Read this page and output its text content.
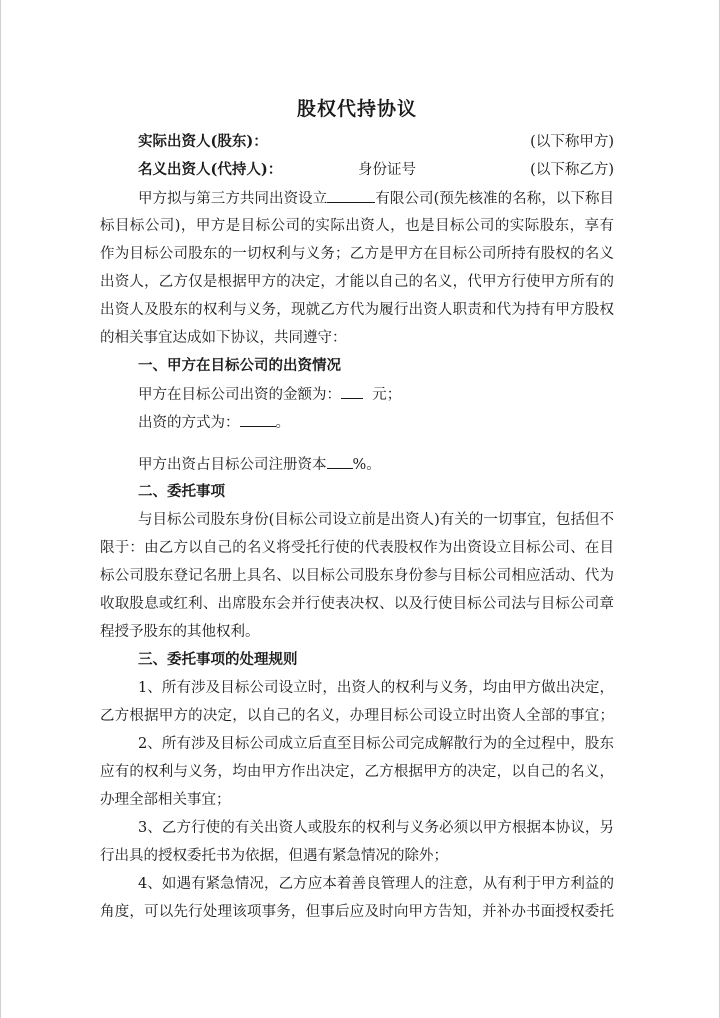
股权代持协议
实际出资人(股东)：	(以下称甲方)
名义出资人(代持人)：	身份证号	(以下称乙方)
甲方拟与第三方共同出资设立	有限公司(预先核准的名称，以下称目
标目标公司)，甲方是目标公司的实际出资人，也是目标公司的实际股东，享有
作为目标公司股东的一切权利与义务；乙方是甲方在目标公司所持有股权的名义
出资人，乙方仅是根据甲方的决定，才能以自己的名义，代甲方行使甲方所有的
出资人及股东的权利与义务，现就乙方代为履行出资人职责和代为持有甲方股权
的相关事宜达成如下协议，共同遵守：
一、甲方在目标公司的出资情况
甲方在目标公司出资的金额为： 元；
出资的方式为： 。
甲方出资占目标公司注册资本 %。
二、委托事项
与目标公司股东身份(目标公司设立前是出资人)有关的一切事宜，包括但不
限于：由乙方以自己的名义将受托行使的代表股权作为出资设立目标公司、在目
标公司股东登记名册上具名、以目标公司股东身份参与目标公司相应活动、代为
收取股息或红利、出席股东会并行使表决权、以及行使目标公司法与目标公司章
程授予股东的其他权利。
三、委托事项的处理规则
1、所有涉及目标公司设立时，出资人的权利与义务，均由甲方做出决定，
乙方根据甲方的决定，以自己的名义，办理目标公司设立时出资人全部的事宜；
2、所有涉及目标公司成立后直至目标公司完成解散行为的全过程中，股东
应有的权利与义务，均由甲方作出决定，乙方根据甲方的决定，以自己的名义，
办理全部相关事宜；
3、乙方行使的有关出资人或股东的权利与义务必须以甲方根据本协议，另
行出具的授权委托书为依据，但遇有紧急情况的除外；
4、如遇有紧急情况，乙方应本着善良管理人的注意，从有利于甲方利益的
角度，可以先行处理该项事务，但事后应及时向甲方告知，并补办书面授权委托
